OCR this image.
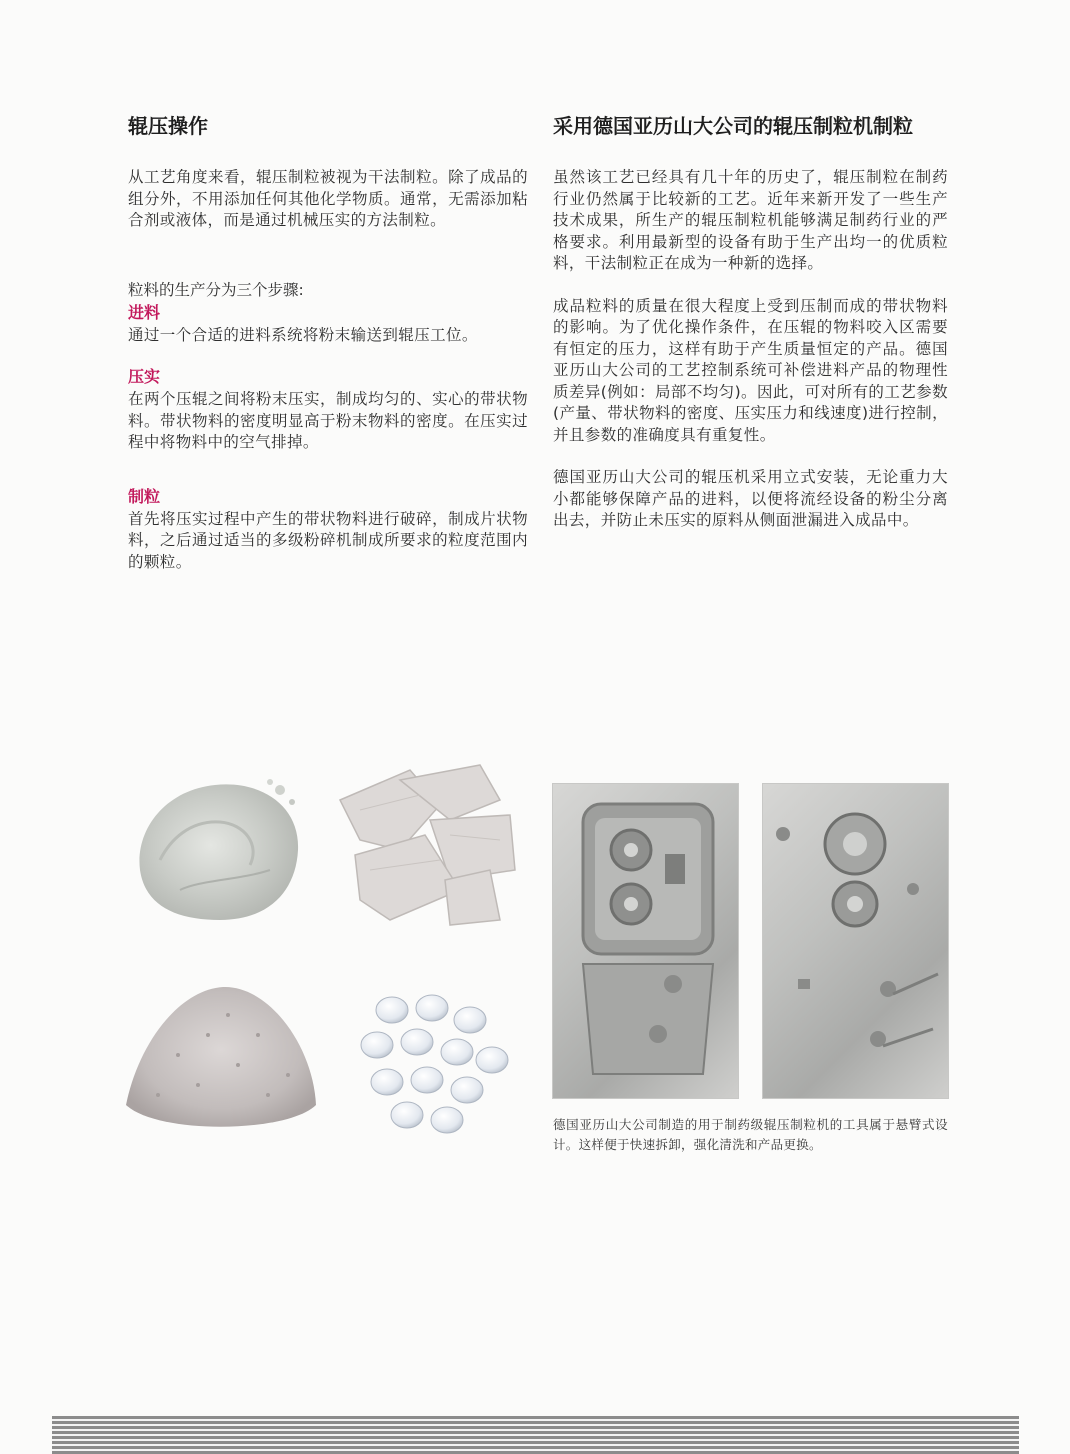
辊压操作

从工艺角度来看，辊压制粒被视为干法制粒。除了成品的组分外，不用添加任何其他化学物质。通常，无需添加粘合剂或液体，而是通过机械压实的方法制粒。

粒料的生产分为三个步骤:

进料

通过一个合适的进料系统将粉末输送到辊压工位。

压实

在两个压辊之间将粉末压实，制成均匀的、实心的带状物料。带状物料的密度明显高于粉末物料的密度。在压实过程中将物料中的空气排掉。

制粒

首先将压实过程中产生的带状物料进行破碎，制成片状物料，之后通过适当的多级粉碎机制成所要求的粒度范围内的颗粒。

采用德国亚历山大公司的辊压制粒机制粒

虽然该工艺已经具有几十年的历史了，辊压制粒在制药行业仍然属于比较新的工艺。近年来新开发了一些生产技术成果，所生产的辊压制粒机能够满足制药行业的严格要求。利用最新型的设备有助于生产出均一的优质粒料，干法制粒正在成为一种新的选择。

成品粒料的质量在很大程度上受到压制而成的带状物料的影响。为了优化操作条件，在压辊的物料咬入区需要有恒定的压力，这样有助于产生质量恒定的产品。德国亚历山大公司的工艺控制系统可补偿进料产品的物理性质差异(例如：局部不均匀)。因此，可对所有的工艺参数(产量、带状物料的密度、压实压力和线速度)进行控制，并且参数的准确度具有重复性。

德国亚历山大公司的辊压机采用立式安装，无论重力大小都能够保障产品的进料，以便将流经设备的粉尘分离出去，并防止未压实的原料从侧面泄漏进入成品中。

德国亚历山大公司制造的用于制药级辊压制粒机的工具属于悬臂式设计。这样便于快速拆卸，强化清洗和产品更换。
